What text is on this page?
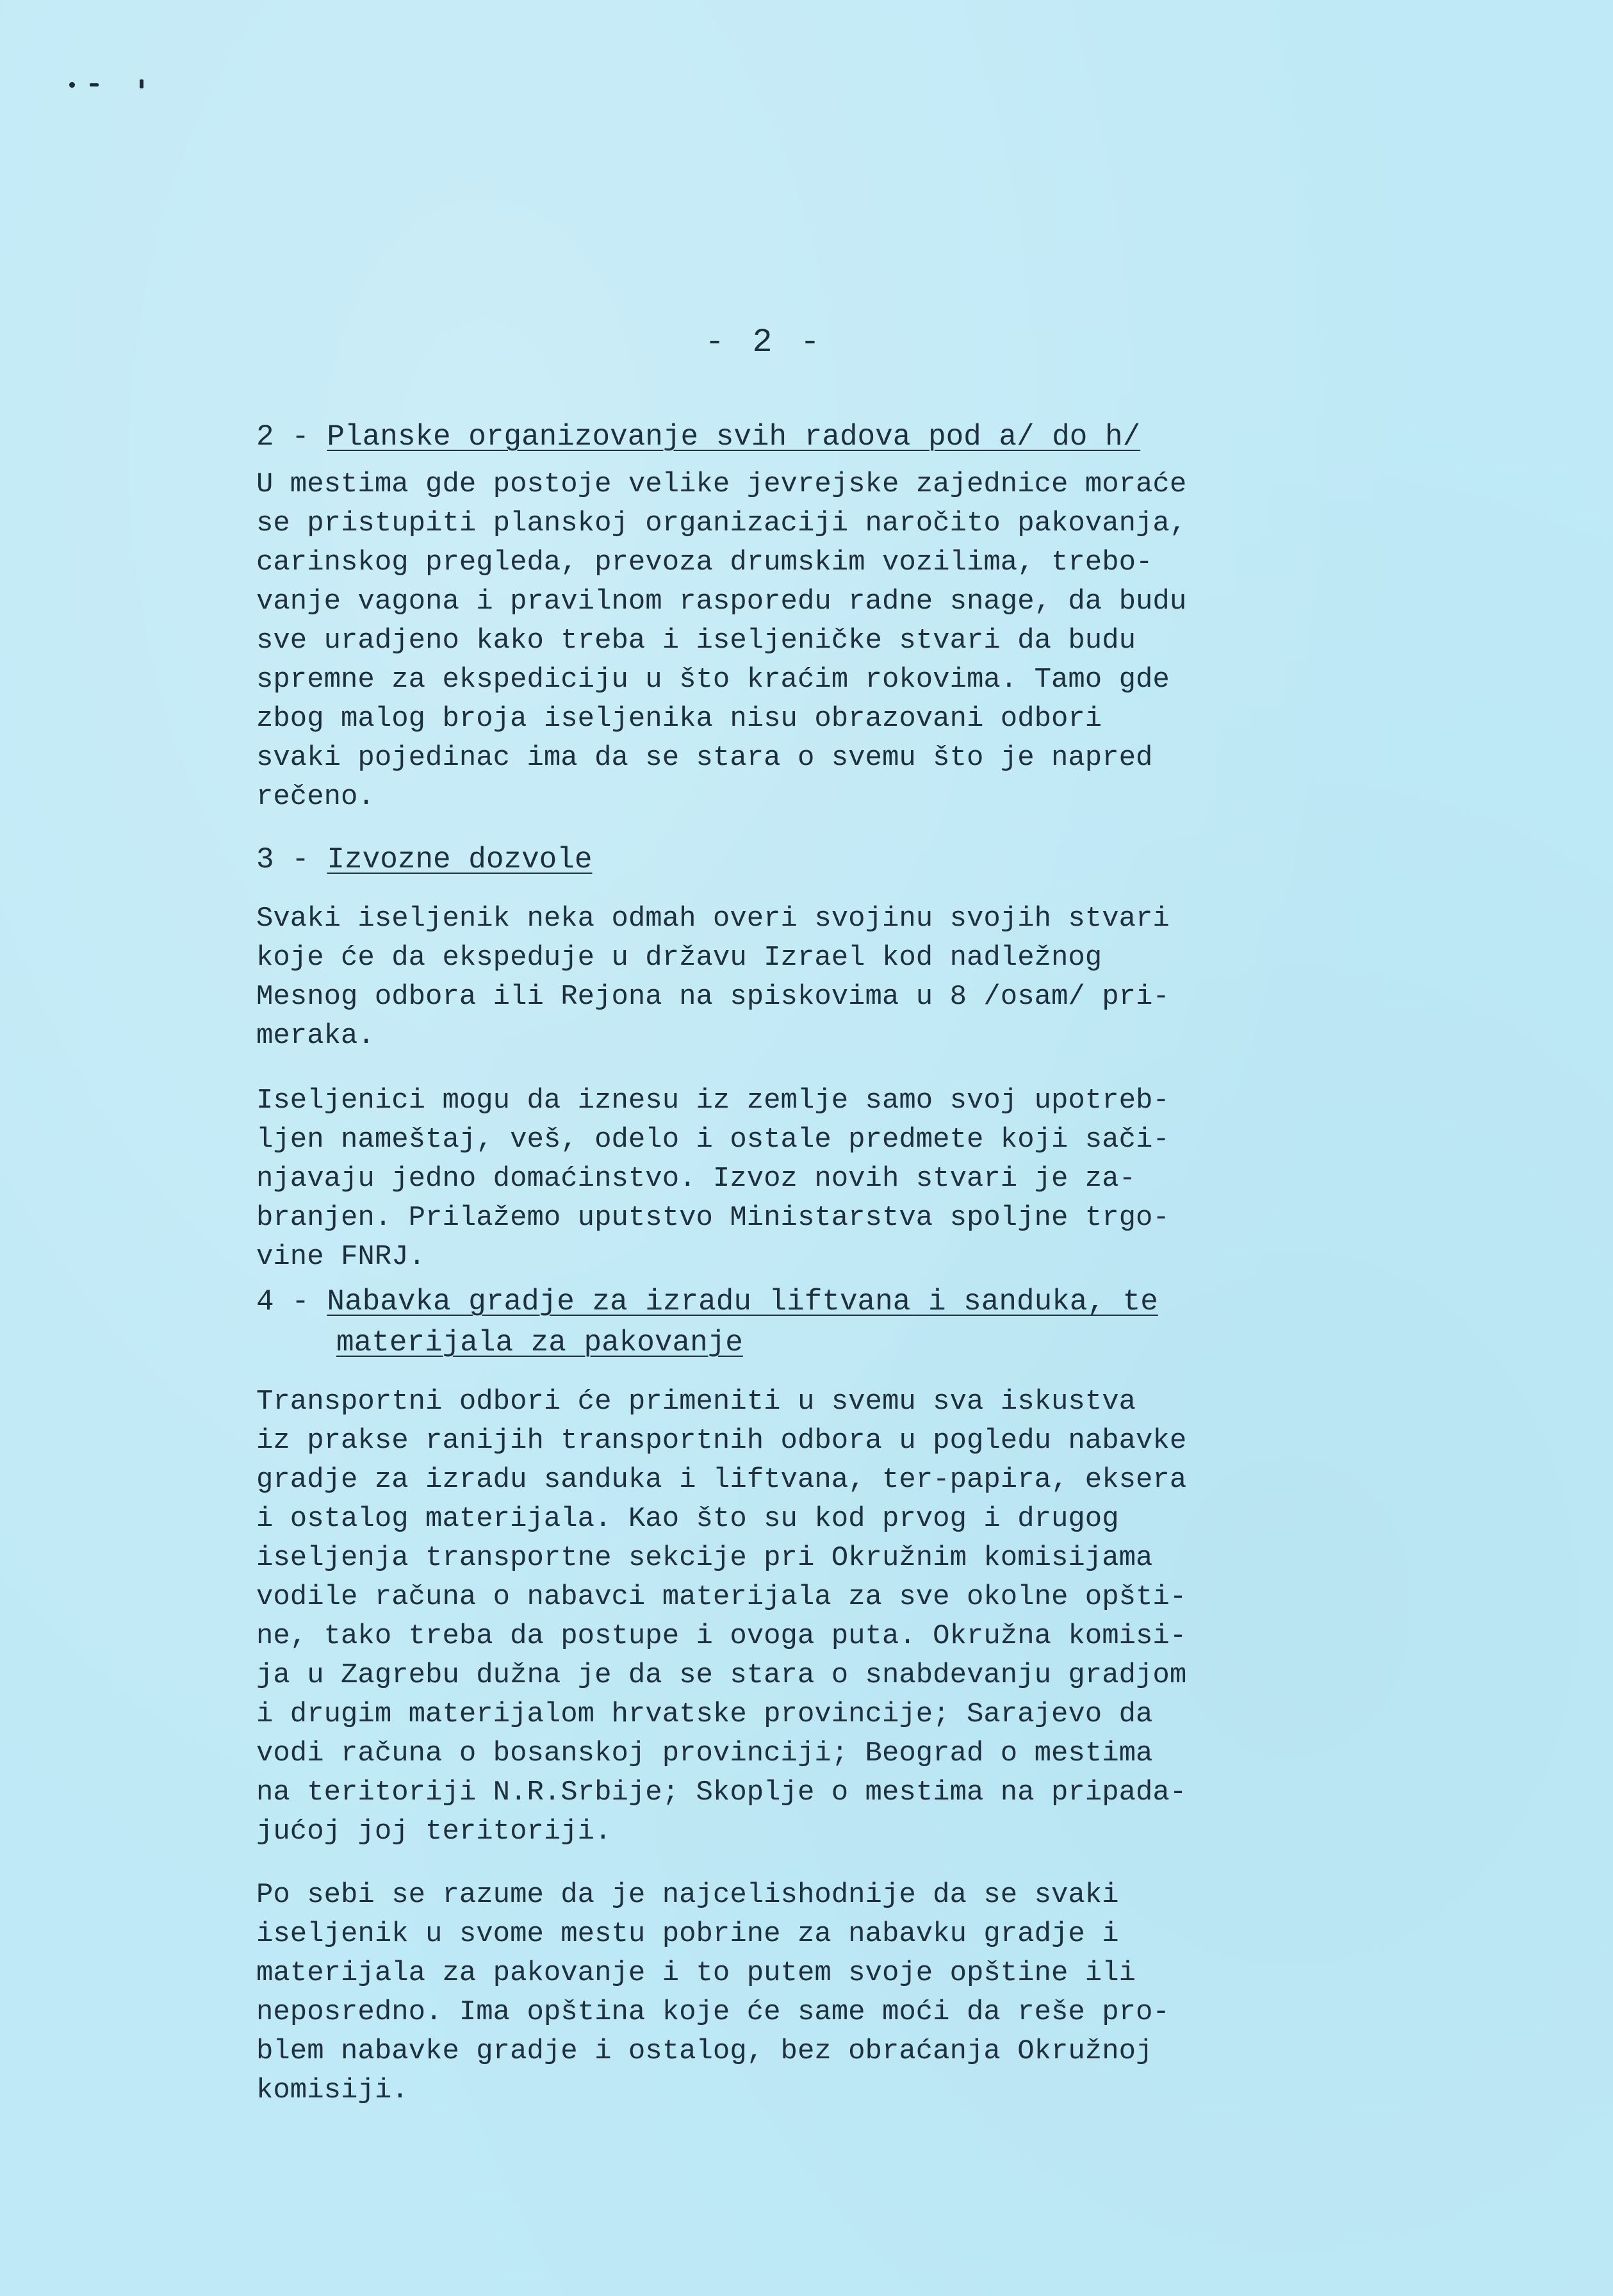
- 2 -
2 - Planske organizovanje svih radova pod a/ do h/

U mestima gde postoje velike jevrejske zajednice moraće
se pristupiti planskoj organizaciji naročito pakovanja,
carinskog pregleda, prevoza drumskim vozilima, trebo-
vanje vagona i pravilnom rasporedu radne snage, da budu
sve uradjeno kako treba i iseljeničke stvari da budu
spremne za ekspediciju u što kraćim rokovima. Tamo gde
zbog malog broja iseljenika nisu obrazovani odbori
svaki pojedinac ima da se stara o svemu što je napred
rečeno.

3 - Izvozne dozvole

Svaki iseljenik neka odmah overi svojinu svojih stvari
koje će da ekspeduje u državu Izrael kod nadležnog
Mesnog odbora ili Rejona na spiskovima u 8 /osam/ pri-
meraka.

Iseljenici mogu da iznesu iz zemlje samo svoj upotreb-
ljen nameštaj, veš, odelo i ostale predmete koji sači-
njavaju jedno domaćinstvo. Izvoz novih stvari je za-
branjen. Prilažemo uputstvo Ministarstva spoljne trgo-
vine FNRJ.

4 - Nabavka gradje za izradu liftvana i sanduka, te
materijala za pakovanje

Transportni odbori će primeniti u svemu sva iskustva
iz prakse ranijih transportnih odbora u pogledu nabavke
gradje za izradu sanduka i liftvana, ter-papira, eksera
i ostalog materijala. Kao što su kod prvog i drugog
iseljenja transportne sekcije pri Okružnim komisijama
vodile računa o nabavci materijala za sve okolne opšti-
ne, tako treba da postupe i ovoga puta. Okružna komisi-
ja u Zagrebu dužna je da se stara o snabdevanju gradjom
i drugim materijalom hrvatske provincije; Sarajevo da
vodi računa o bosanskoj provinciji; Beograd o mestima
na teritoriji N.R.Srbije; Skoplje o mestima na pripada-
jućoj joj teritoriji.

Po sebi se razume da je najcelishodnije da se svaki
iseljenik u svome mestu pobrine za nabavku gradje i
materijala za pakovanje i to putem svoje opštine ili
neposredno. Ima opština koje će same moći da reše pro-
blem nabavke gradje i ostalog, bez obraćanja Okružnoj
komisiji.
